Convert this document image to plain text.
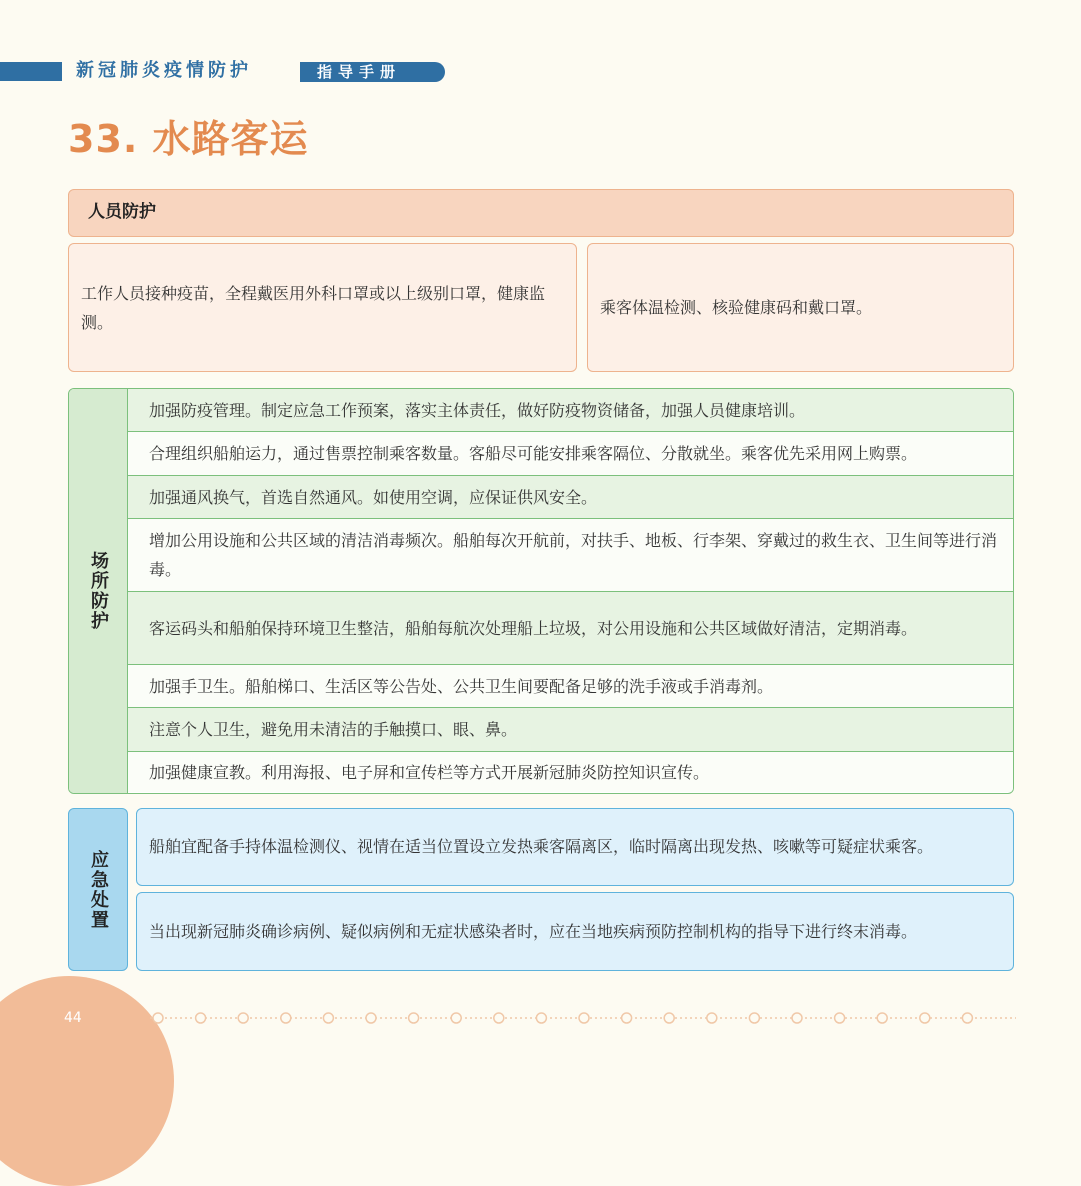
新冠肺炎疫情防护	指导手册
33. 水路客运
人员防护
工作人员接种疫苗，全程戴医用外科口罩或以上级别口罩，健康监测。
乘客体温检测、核验健康码和戴口罩。
场所防护
加强防疫管理。制定应急工作预案，落实主体责任，做好防疫物资储备，加强人员健康培训。
合理组织船舶运力，通过售票控制乘客数量。客船尽可能安排乘客隔位、分散就坐。乘客优先采用网上购票。
加强通风换气，首选自然通风。如使用空调，应保证供风安全。
增加公用设施和公共区域的清洁消毒频次。船舶每次开航前，对扶手、地板、行李架、穿戴过的救生衣、卫生间等进行消毒。
客运码头和船舶保持环境卫生整洁，船舶每航次处理船上垃圾，对公用设施和公共区域做好清洁，定期消毒。
加强手卫生。船舶梯口、生活区等公告处、公共卫生间要配备足够的洗手液或手消毒剂。
注意个人卫生，避免用未清洁的手触摸口、眼、鼻。
加强健康宣教。利用海报、电子屏和宣传栏等方式开展新冠肺炎防控知识宣传。
应急处置
船舶宜配备手持体温检测仪、视情在适当位置设立发热乘客隔离区，临时隔离出现发热、咳嗽等可疑症状乘客。
当出现新冠肺炎确诊病例、疑似病例和无症状感染者时，应在当地疾病预防控制机构的指导下进行终末消毒。
44
